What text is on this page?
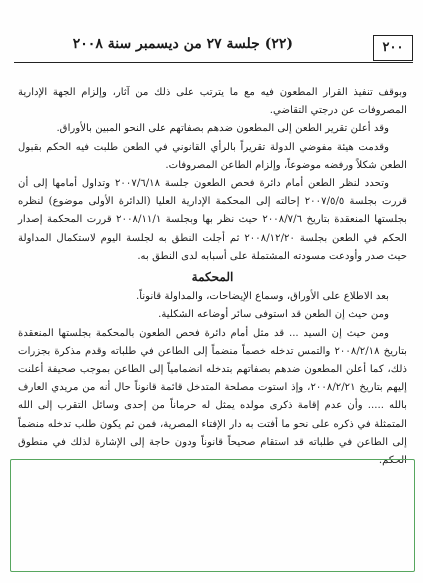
٢٠٠
(٢٢) جلسة ٢٧ من ديسمبر سنة ٢٠٠٨

وبوقف تنفيذ القرار المطعون فيه مع ما يترتب على ذلك من آثار، وإلزام الجهة الإدارية المصروفات عن درجتي التقاضي.

وقد أعلن تقرير الطعن إلى المطعون ضدهم بصفاتهم على النحو المبين بالأوراق.

وقدمت هيئة مفوضي الدولة تقريراً بالرأي القانوني في الطعن طلبت فيه الحكم بقبول الطعن شكلاً ورفضه موضوعاً، وإلزام الطاعن المصروفات.

وتحدد لنظر الطعن أمام دائرة فحص الطعون جلسة ٢٠٠٧/٦/١٨ وتداول أمامها إلى أن قررت بجلسة ٢٠٠٧/٥/٥ إحالته إلى المحكمة الإدارية العليا (الدائرة الأولى موضوع) لنظره بجلستها المنعقدة بتاريخ ٢٠٠٨/٧/٦ حيث نظر بها وبجلسة ٢٠٠٨/١١/١ قررت المحكمة إصدار الحكم في الطعن بجلسة ٢٠٠٨/١٢/٢٠ ثم أجلت النطق به لجلسة اليوم لاستكمال المداولة حيث صدر وأودعت مسودته المشتملة على أسبابه لدى النطق به.

المحكمة

بعد الاطلاع على الأوراق، وسماع الإيضاحات، والمداولة قانوناً.

ومن حيث إن الطعن قد استوفى سائر أوضاعه الشكلية.

ومن حيث إن السيد ... قد مثل أمام دائرة فحص الطعون بالمحكمة بجلستها المنعقدة بتاريخ ٢٠٠٨/٢/١٨ والتمس تدخله خصماً منضماً إلى الطاعن في طلباته وقدم مذكرة بجزرات ذلك، كما أعلن المطعون ضدهم بصفاتهم بتدخله انضمامياً إلى الطاعن بموجب صحيفة أعلنت إليهم بتاريخ ٢٠٠٨/٢/٢١، وإذ استوت مصلحة المتدخل قائمة قانوناً حال أنه من مريدي العارف بالله ..... وأن عدم إقامة ذكرى مولده يمثل له حرماناً من إحدى وسائل التقرب إلى الله المتمثلة في ذكره على نحو ما أفتت به دار الإفتاء المصرية، فمن ثم يكون طلب تدخله منضماً إلى الطاعن في طلباته قد استقام صحيحاً قانوناً ودون حاجة إلى الإشارة لذلك في منطوق الحكم.
